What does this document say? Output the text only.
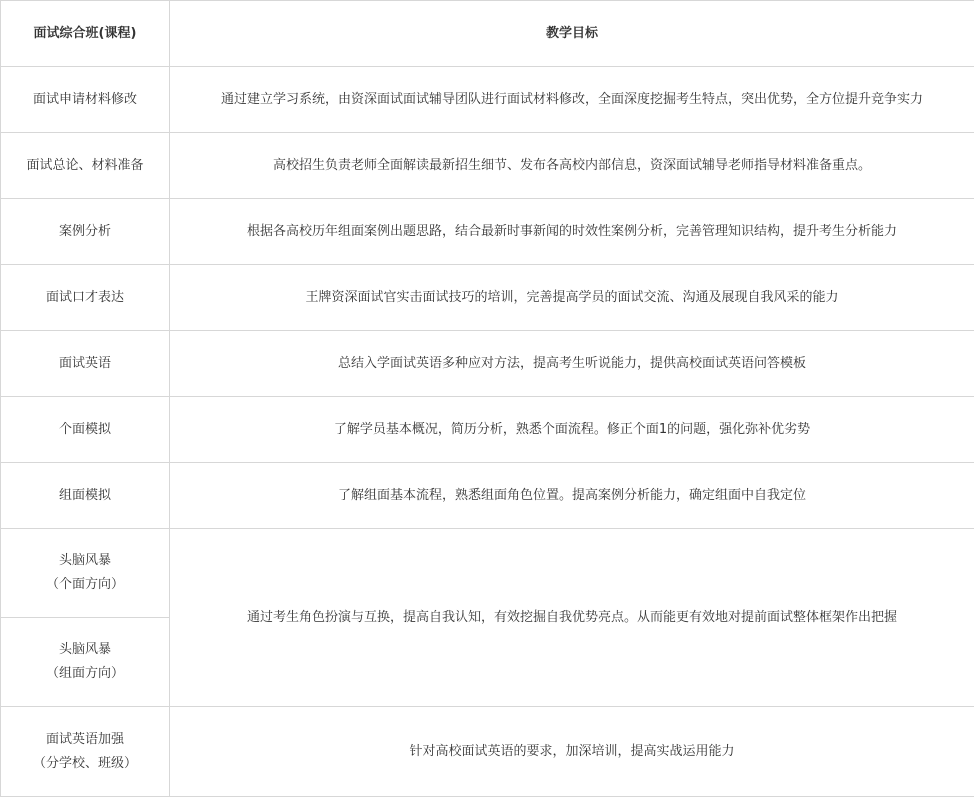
面试综合班(课程)	教学目标
面试申请材料修改	通过建立学习系统，由资深面试面试辅导团队进行面试材料修改，全面深度挖掘考生特点，突出优势，全方位提升竞争实力
面试总论、材料准备	高校招生负责老师全面解读最新招生细节、发布各高校内部信息，资深面试辅导老师指导材料准备重点。
案例分析	根据各高校历年组面案例出题思路，结合最新时事新闻的时效性案例分析，完善管理知识结构，提升考生分析能力
面试口才表达	王牌资深面试官实击面试技巧的培训，完善提高学员的面试交流、沟通及展现自我风采的能力
面试英语	总结入学面试英语多种应对方法，提高考生听说能力，提供高校面试英语问答模板
个面模拟	了解学员基本概况，简历分析，熟悉个面流程。修正个面1的问题，强化弥补优劣势
组面模拟	了解组面基本流程，熟悉组面角色位置。提高案例分析能力，确定组面中自我定位

头脑风暴
（个面方向）	通过考生角色扮演与互换，提高自我认知，有效挖掘自我优势亮点。从而能更有效地对提前面试整体框架作出把握

头脑风暴
（组面方向）	

面试英语加强
（分学校、班级）	针对高校面试英语的要求，加深培训，提高实战运用能力
